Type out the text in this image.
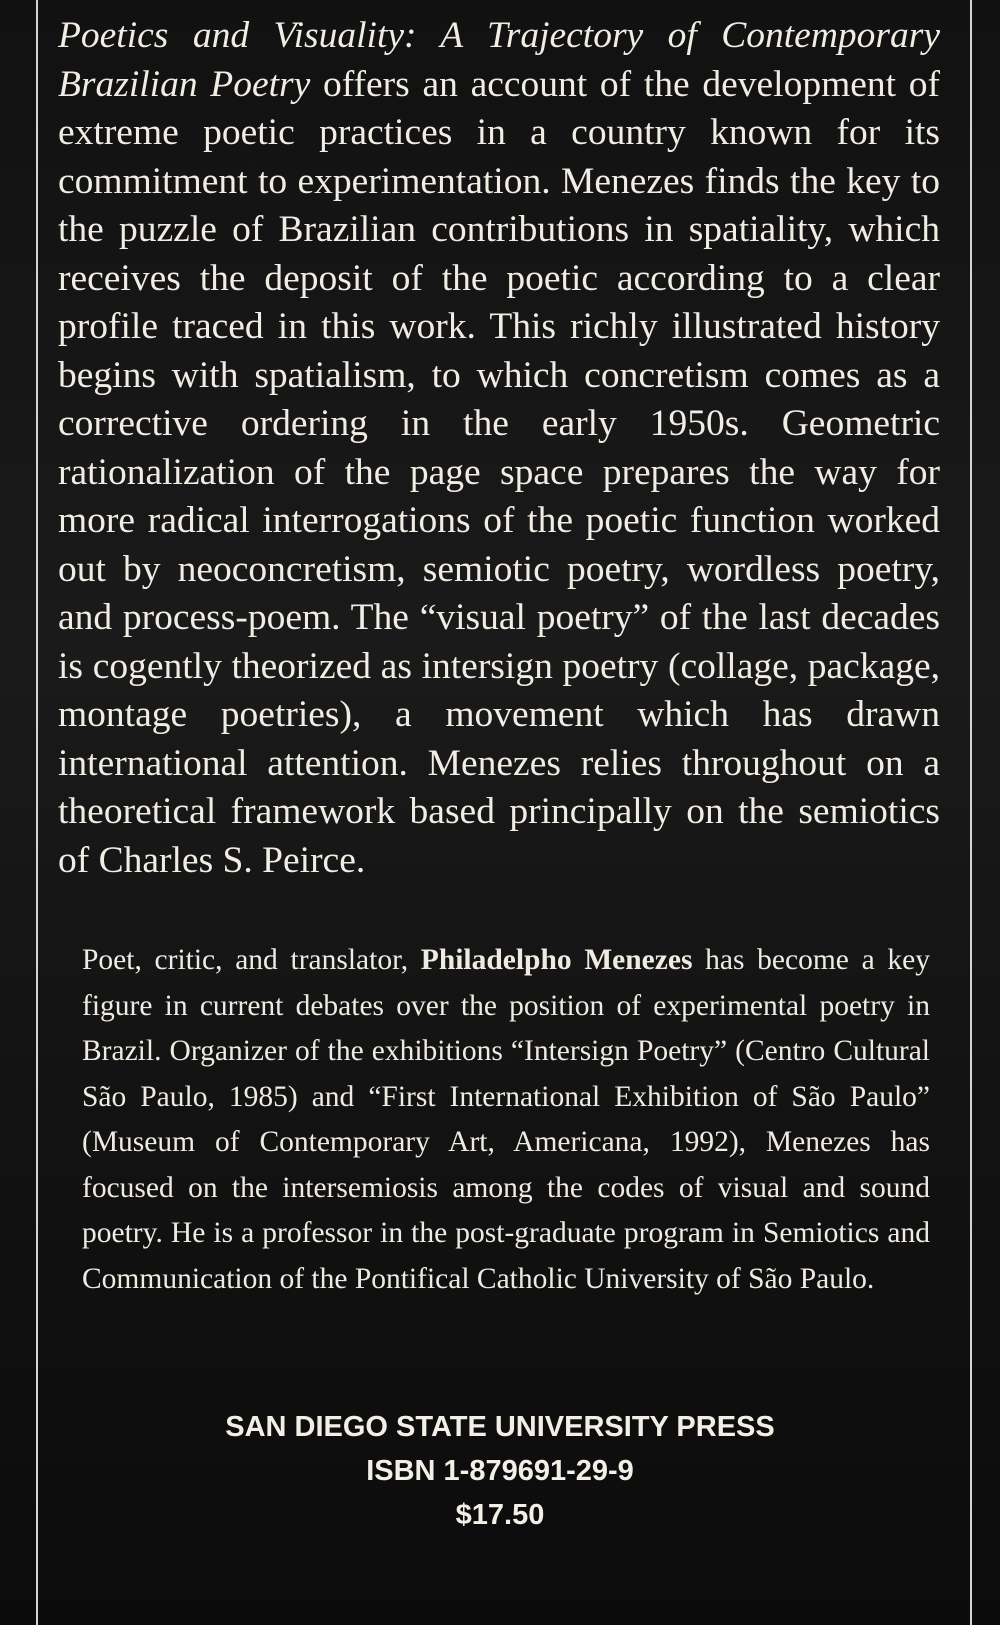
Poetics and Visuality: A Trajectory of Contemporary Brazilian Poetry offers an account of the development of extreme poetic practices in a country known for its commitment to experimentation. Menezes finds the key to the puzzle of Brazilian contributions in spatiality, which receives the deposit of the poetic according to a clear profile traced in this work. This richly illustrated history begins with spatialism, to which concretism comes as a corrective ordering in the early 1950s. Geometric rationalization of the page space prepares the way for more radical interrogations of the poetic function worked out by neoconcretism, semiotic poetry, wordless poetry, and process-poem. The “visual poetry” of the last decades is cogently theorized as intersign poetry (collage, package, montage poetries), a movement which has drawn international attention. Menezes relies throughout on a theoretical framework based principally on the semiotics of Charles S. Peirce.

Poet, critic, and translator, Philadelpho Menezes has become a key figure in current debates over the position of experimental poetry in Brazil. Organizer of the exhibitions “Intersign Poetry” (Centro Cultural São Paulo, 1985) and “First International Exhibition of São Paulo” (Museum of Contemporary Art, Americana, 1992), Menezes has focused on the intersemiosis among the codes of visual and sound poetry. He is a professor in the post-graduate program in Semiotics and Communication of the Pontifical Catholic University of São Paulo.

SAN DIEGO STATE UNIVERSITY PRESS
ISBN 1-879691-29-9
$17.50
